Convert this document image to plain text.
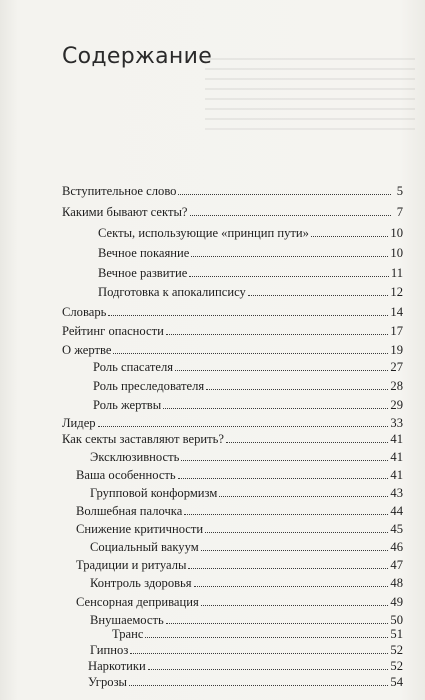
Содержание
Вступительное слово	5
Какими бывают секты?	7
Секты, использующие «принцип пути»	10
Вечное покаяние	10
Вечное развитие	11
Подготовка к апокалипсису	12
Словарь	14
Рейтинг опасности	17
О жертве	19
Роль спасателя	27
Роль преследователя	28
Роль жертвы	29
Лидер	33
Как секты заставляют верить?	41
Эксклюзивность	41
Ваша особенность	41
Групповой конформизм	43
Волшебная палочка	44
Снижение критичности	45
Социальный вакуум	46
Традиции и ритуалы	47
Контроль здоровья	48
Сенсорная депривация	49
Внушаемость	50
Транс	51
Гипноз	52
Наркотики	52
Угрозы	54
